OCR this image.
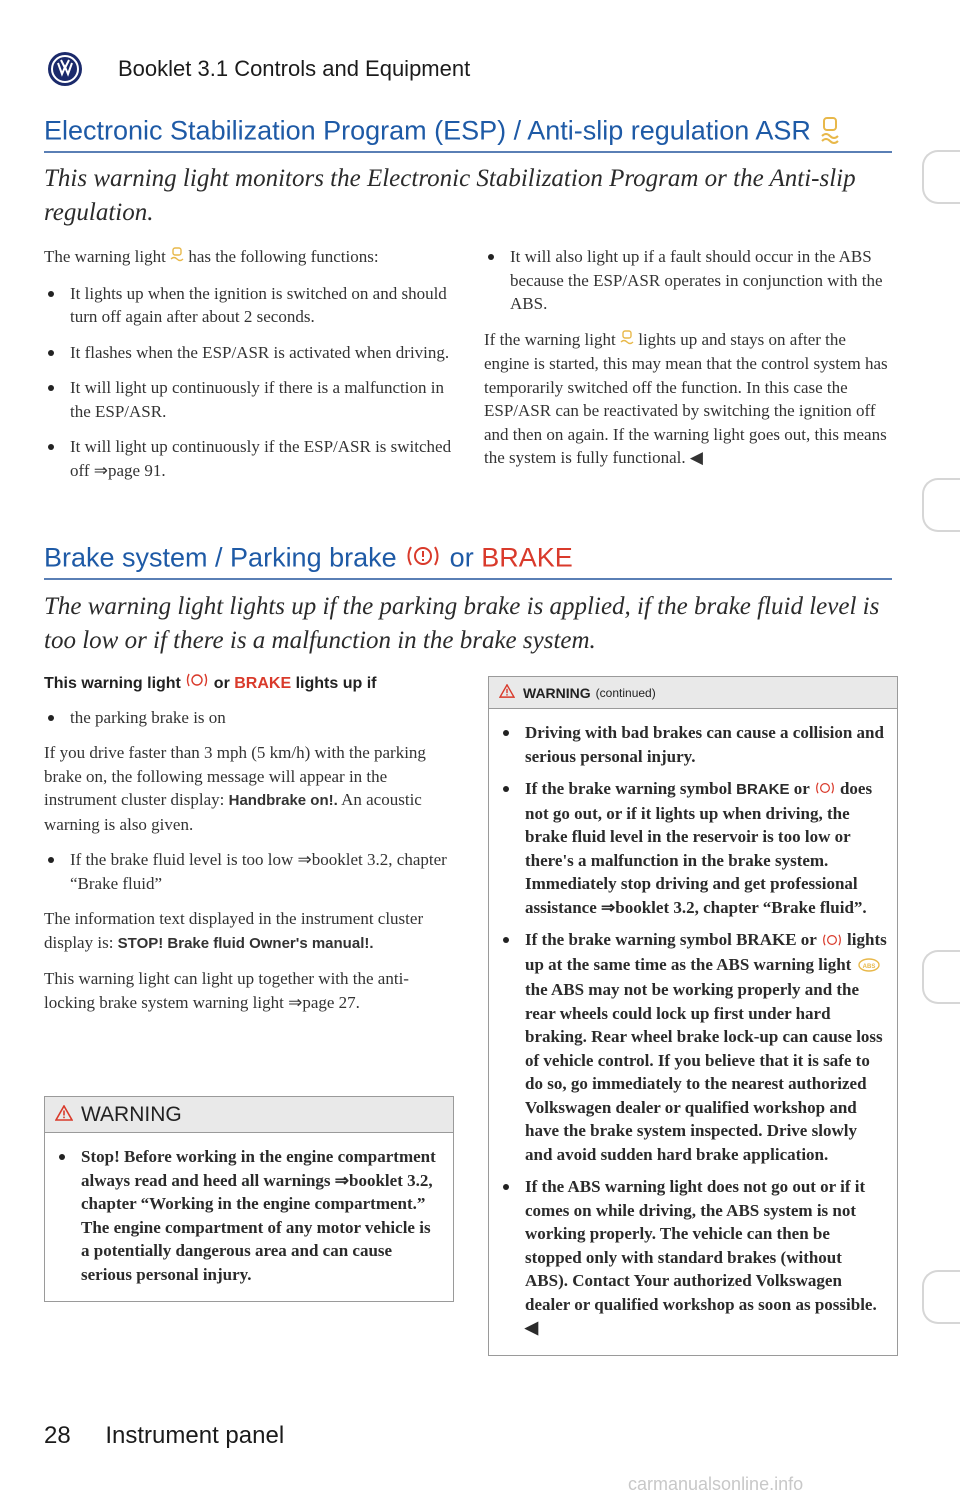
Booklet 3.1 Controls and Equipment
Electronic Stabilization Program (ESP) / Anti-slip regulation ASR
This warning light monitors the Electronic Stabilization Program or the Anti-slip regulation.

The warning light has the following functions:

It lights up when the ignition is switched on and should turn off again after about 2 seconds.

It flashes when the ESP/ASR is activated when driving.

It will light up continuously if there is a malfunction in the ESP/ASR.

It will light up continuously if the ESP/ASR is switched off ⇒page 91.

It will also light up if a fault should occur in the ABS because the ESP/ASR operates in conjunction with the ABS.

If the warning light lights up and stays on after the engine is started, this may mean that the control system has temporarily switched off the function. In this case the ESP/ASR can be reactivated by switching the ignition off and then on again. If the warning light goes out, this means the system is fully functional. ◀

Brake system / Parking brake or BRAKE
The warning light lights up if the parking brake is applied, if the brake fluid level is too low or if there is a malfunction in the brake system.
This warning light or BRAKE lights up if

the parking brake is on

If you drive faster than 3 mph (5 km/h) with the parking brake on, the following message will appear in the instrument cluster display: Handbrake on!. An acoustic warning is also given.

If the brake fluid level is too low ⇒booklet 3.2, chapter “Brake fluid”

The information text displayed in the instrument cluster display is: STOP! Brake fluid Owner's manual!.

This warning light can light up together with the anti-locking brake system warning light ⇒page 27.

WARNING

Stop! Before working in the engine compartment always read and heed all warnings ⇒booklet 3.2, chapter “Working in the engine compartment.” The engine compartment of any motor vehicle is a potentially dangerous area and can cause serious personal injury.

WARNING (continued)

Driving with bad brakes can cause a collision and serious personal injury.

If the brake warning symbol BRAKE or does not go out, or if it lights up when driving, the brake fluid level in the reservoir is too low or there's a malfunction in the brake system. Immediately stop driving and get professional assistance ⇒booklet 3.2, chapter “Brake fluid”.

If the brake warning symbol BRAKE or lights up at the same time as the ABS warning light ABS
the ABS may not be working properly and the rear wheels could lock up first under hard braking. Rear wheel brake lock-up can cause loss of vehicle control. If you believe that it is safe to do so, go immediately to the nearest authorized Volkswagen dealer or qualified workshop and have the brake system inspected. Drive slowly and avoid sudden hard brake application.

If the ABS warning light does not go out or if it comes on while driving, the ABS system is not working properly. The vehicle can then be stopped only with standard brakes (without ABS). Contact Your authorized Volkswagen dealer or qualified workshop as soon as possible. ◀

28 Instrument panel
carmanualsonline.info
